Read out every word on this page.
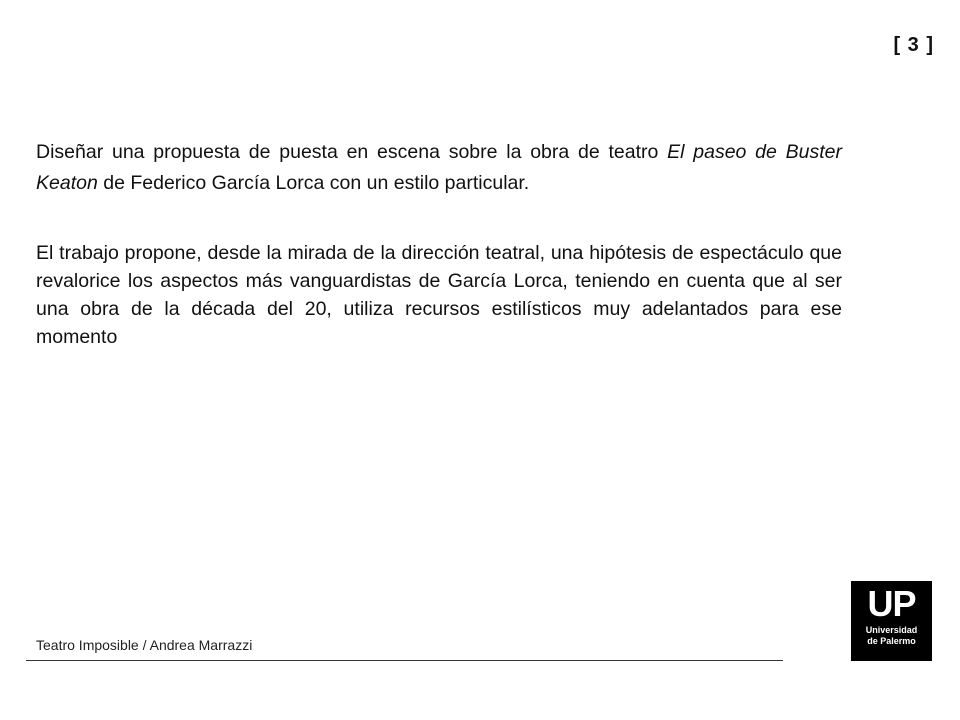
[ 3 ]

Diseñar una propuesta de puesta en escena sobre la obra de teatro El paseo de Buster Keaton de Federico García Lorca con un estilo particular.

El trabajo propone, desde la mirada de la dirección teatral, una hipótesis de espectáculo que revalorice los aspectos más vanguardistas de García Lorca, teniendo en cuenta que al ser una obra de la década del 20, utiliza recursos estilísticos muy adelantados para ese momento

Teatro Imposible / Andrea Marrazzi
UP
Universidad
de Palermo
